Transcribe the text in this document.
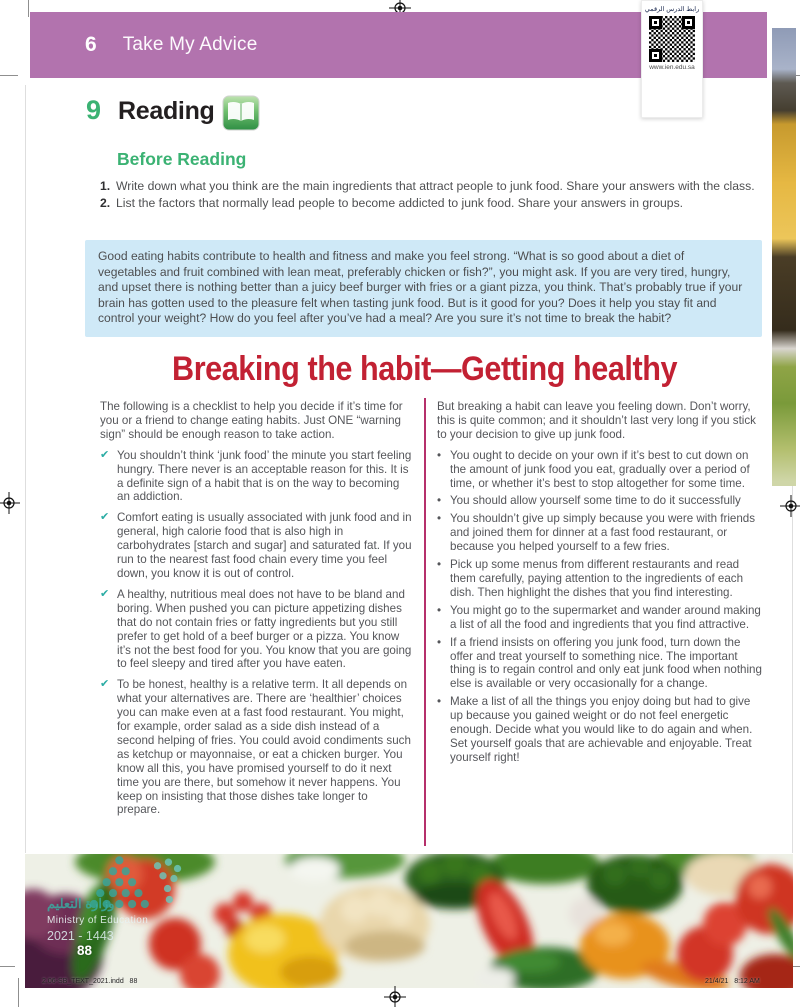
6 Take My Advice
رابط الدرس الرقمي
www.ien.edu.sa
9 Reading
Before Reading
1. Write down what you think are the main ingredients that attract people to junk food. Share your answers with the class.
2. List the factors that normally lead people to become addicted to junk food. Share your answers in groups.
Good eating habits contribute to health and fitness and make you feel strong. “What is so good about a diet of vegetables and fruit combined with lean meat, preferably chicken or fish?”, you might ask. If you are very tired, hungry, and upset there is nothing better than a juicy beef burger with fries or a giant pizza, you think. That’s probably true if your brain has gotten used to the pleasure felt when tasting junk food. But is it good for you? Does it help you stay fit and control your weight? How do you feel after you’ve had a meal? Are you sure it’s not time to break the habit?
Breaking the habit—Getting healthy

The following is a checklist to help you decide if it’s time for you or a friend to change eating habits. Just ONE “warning sign” should be enough reason to take action.

✔ You shouldn’t think ‘junk food’ the minute you start feeling hungry. There never is an acceptable reason for this. It is a definite sign of a habit that is on the way to becoming an addiction.
✔ Comfort eating is usually associated with junk food and in general, high calorie food that is also high in carbohydrates [starch and sugar] and saturated fat. If you run to the nearest fast food chain every time you feel down, you know it is out of control.
✔ A healthy, nutritious meal does not have to be bland and boring. When pushed you can picture appetizing dishes that do not contain fries or fatty ingredients but you still prefer to get hold of a beef burger or a pizza. You know it’s not the best food for you. You know that you are going to feel sleepy and tired after you have eaten.
✔ To be honest, healthy is a relative term. It all depends on what your alternatives are. There are ‘healthier’ choices you can make even at a fast food restaurant. You might, for example, order salad as a side dish instead of a second helping of fries. You could avoid condiments such as ketchup or mayonnaise, or eat a chicken burger. You know all this, you have promised yourself to do it next time you are there, but somehow it never happens. You keep on insisting that those dishes take longer to prepare.

But breaking a habit can leave you feeling down. Don’t worry, this is quite common; and it shouldn’t last very long if you stick to your decision to give up junk food.

• You ought to decide on your own if it’s best to cut down on the amount of junk food you eat, gradually over a period of time, or whether it’s best to stop altogether for some time.
• You should allow yourself some time to do it successfully
• You shouldn’t give up simply because you were with friends and joined them for dinner at a fast food restaurant, or because you helped yourself to a few fries.
• Pick up some menus from different restaurants and read them carefully, paying attention to the ingredients of each dish. Then highlight the dishes that you find interesting.
• You might go to the supermarket and wander around making a list of all the food and ingredients that you find attractive.
• If a friend insists on offering you junk food, turn down the offer and treat yourself to something nice. The important thing is to regain control and only eat junk food when nothing else is available or very occasionally for a change.
• Make a list of all the things you enjoy doing but had to give up because you gained weight or do not feel energetic enough. Decide what you would like to do again and when. Set yourself goals that are achievable and enjoyable. Treat yourself right!
وزارة التعليم
Ministry of Education
2021 - 1443
88
2.06-SB_TEXT_2021.indd   88	21/4/21   8:12 AM
